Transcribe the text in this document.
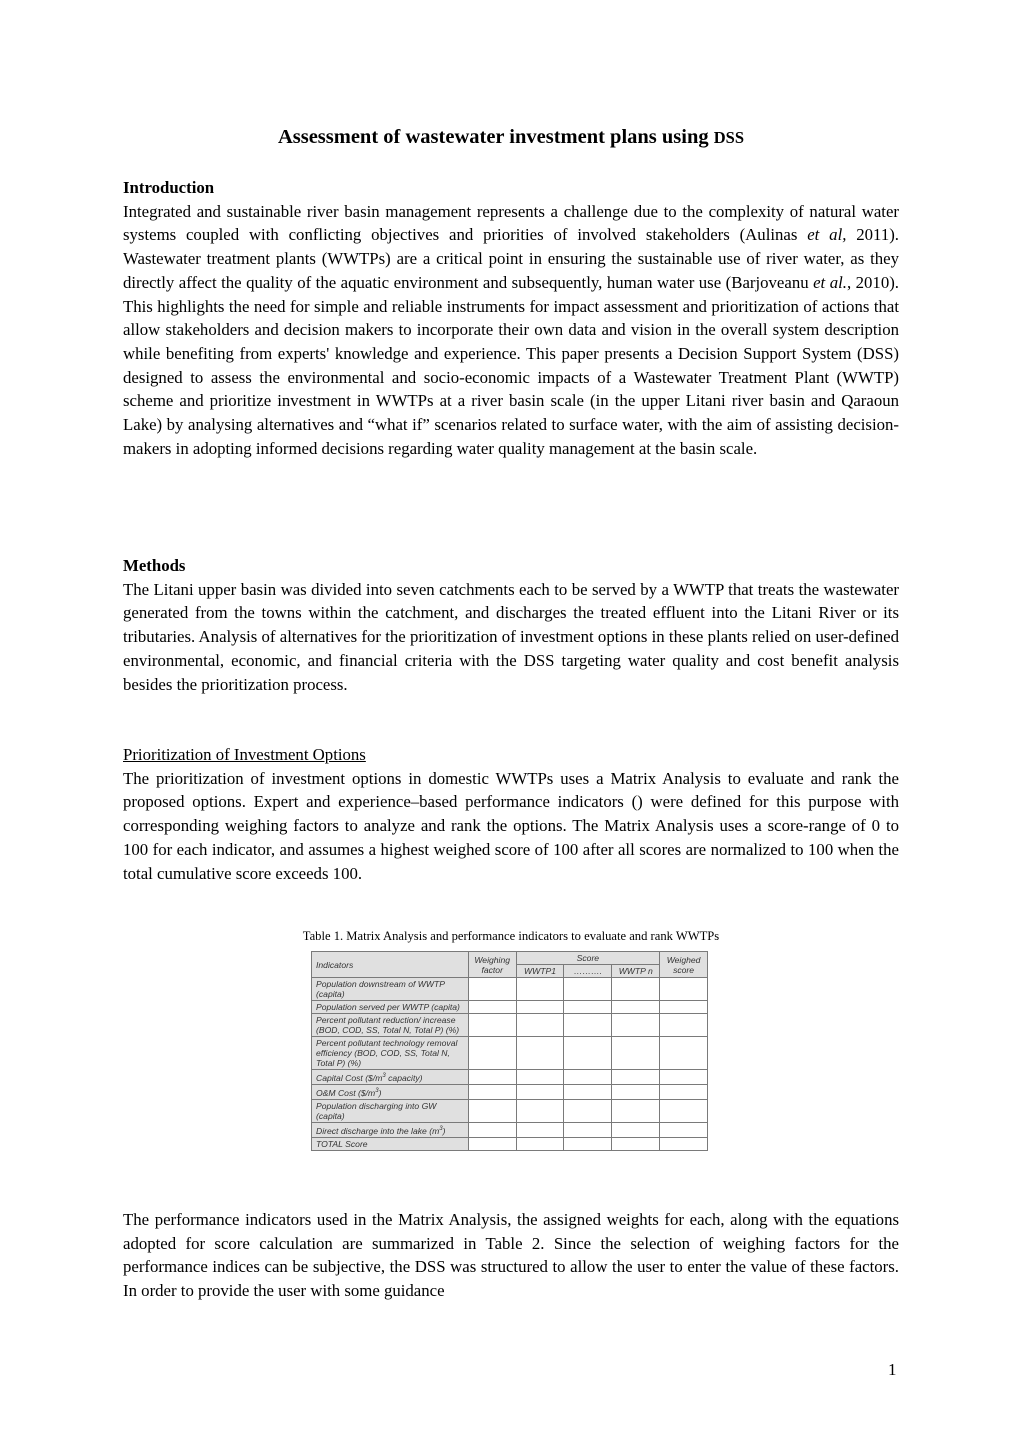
Assessment of wastewater investment plans using DSS
Introduction

Integrated and sustainable river basin management represents a challenge due to the complexity of natural water systems coupled with conflicting objectives and priorities of involved stakeholders (Aulinas et al, 2011). Wastewater treatment plants (WWTPs) are a critical point in ensuring the sustainable use of river water, as they directly affect the quality of the aquatic environment and subsequently, human water use (Barjoveanu et al., 2010). This highlights the need for simple and reliable instruments for impact assessment and prioritization of actions that allow stakeholders and decision makers to incorporate their own data and vision in the overall system description while benefiting from experts' knowledge and experience. This paper presents a Decision Support System (DSS) designed to assess the environmental and socio-economic impacts of a Wastewater Treatment Plant (WWTP) scheme and prioritize investment in WWTPs at a river basin scale (in the upper Litani river basin and Qaraoun Lake) by analysing alternatives and “what if” scenarios related to surface water, with the aim of assisting decision-makers in adopting informed decisions regarding water quality management at the basin scale.

Methods

The Litani upper basin was divided into seven catchments each to be served by a WWTP that treats the wastewater generated from the towns within the catchment, and discharges the treated effluent into the Litani River or its tributaries. Analysis of alternatives for the prioritization of investment options in these plants relied on user-defined environmental, economic, and financial criteria with the DSS targeting water quality and cost benefit analysis besides the prioritization process.

Prioritization of Investment Options

The prioritization of investment options in domestic WWTPs uses a Matrix Analysis to evaluate and rank the proposed options. Expert and experience–based performance indicators () were defined for this purpose with corresponding weighing factors to analyze and rank the options. The Matrix Analysis uses a score-range of 0 to 100 for each indicator, and assumes a highest weighed score of 100 after all scores are normalized to 100 when the total cumulative score exceeds 100.

Table 1. Matrix Analysis and performance indicators to evaluate and rank WWTPs
Indicators	Weighing factor	Score			Weighed score
		WWTP1	……….	WWTP n	
Population downstream of WWTP (capita)					
Population served per WWTP (capita)					
Percent pollutant reduction/ increase (BOD, COD, SS, Total N, Total P) (%)					
Percent pollutant technology removal efficiency (BOD, COD, SS, Total N, Total P) (%)					
Capital Cost ($\$/m^3$ capacity)					
O&M Cost $(\$/m^3)$					
Population discharging into GW (capita)					
Direct discharge into the lake $(m^3)$					
TOTAL Score					

The performance indicators used in the Matrix Analysis, the assigned weights for each, along with the equations adopted for score calculation are summarized in Table 2. Since the selection of weighing factors for the performance indices can be subjective, the DSS was structured to allow the user to enter the value of these factors. In order to provide the user with some guidance

1
